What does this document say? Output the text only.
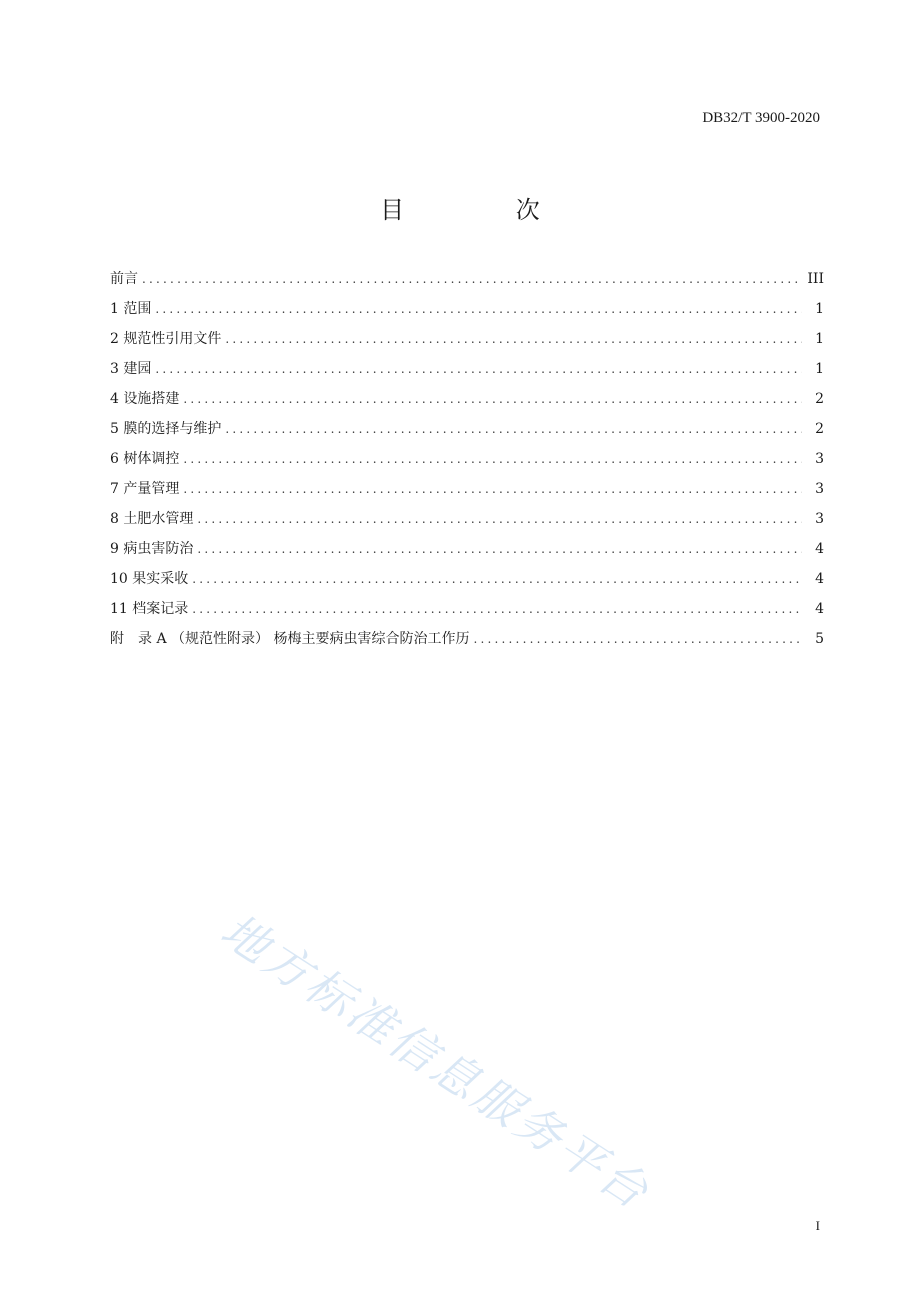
DB32/T 3900-2020
目 次
前言 .....	III
1 范围 .....	1
2 规范性引用文件 .....	1
3 建园 .....	1
4 设施搭建 .....	2
5 膜的选择与维护 .....	2
6 树体调控 .....	3
7 产量管理 .....	3
8 土肥水管理 .....	3
9 病虫害防治 .....	4
10 果实采收 .....	4
11 档案记录 .....	4
附　录 A （规范性附录） 杨梅主要病虫害综合防治工作历 .....	5
地方标准信息服务平台
I
